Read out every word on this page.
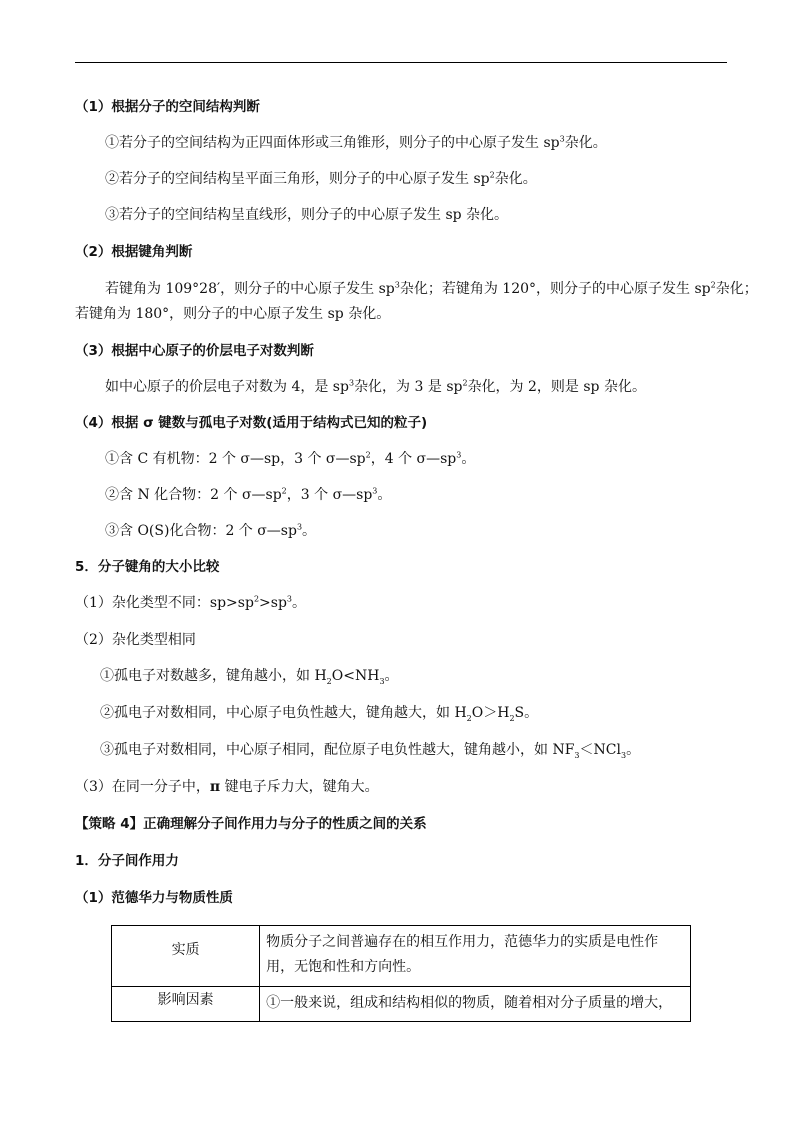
（1）根据分子的空间结构判断
①若分子的空间结构为正四面体形或三角锥形，则分子的中心原子发生 $sp^3$杂化。
②若分子的空间结构呈平面三角形，则分子的中心原子发生 $sp^2$杂化。
③若分子的空间结构呈直线形，则分子的中心原子发生 sp 杂化。
（2）根据键角判断
若键角为 109°28′，则分子的中心原子发生 $sp^3$杂化；若键角为 120°，则分子的中心原子发生 $sp^2$杂化；
若键角为 180°，则分子的中心原子发生 sp 杂化。
（3）根据中心原子的价层电子对数判断
如中心原子的价层电子对数为 4，是 $sp^3$杂化，为 3 是 $sp^2$杂化，为 2，则是 sp 杂化。
（4）根据 σ 键数与孤电子对数(适用于结构式已知的粒子)
①含 C 有机物：2 个 σ—sp，3 个 $\sigma—sp^2$，4 个 $\sigma—sp^3$。
②含 N 化合物：2 个 $\sigma—sp^2$，3 个 $\sigma—sp^3$。
③含 O(S)化合物：2 个 $\sigma—sp^3$。
5．分子键角的大小比较
（1）杂化类型不同：$sp>sp^2>sp^3$。
（2）杂化类型相同
①孤电子对数越多，键角越小，如 $H_2O<NH_3$。
②孤电子对数相同，中心原子电负性越大，键角越大，如 $H_2O>H_2S$。
③孤电子对数相同，中心原子相同，配位原子电负性越大，键角越小，如 $NF_3<NCl_3$。
（3）在同一分子中，π 键电子斥力大，键角大。
【策略 4】正确理解分子间作用力与分子的性质之间的关系
1．分子间作用力
（1）范德华力与物质性质
实质	物质分子之间普遍存在的相互作用力，范德华力的实质是电性作
用，无饱和性和方向性。

影响因素	①一般来说，组成和结构相似的物质，随着相对分子质量的增大，
